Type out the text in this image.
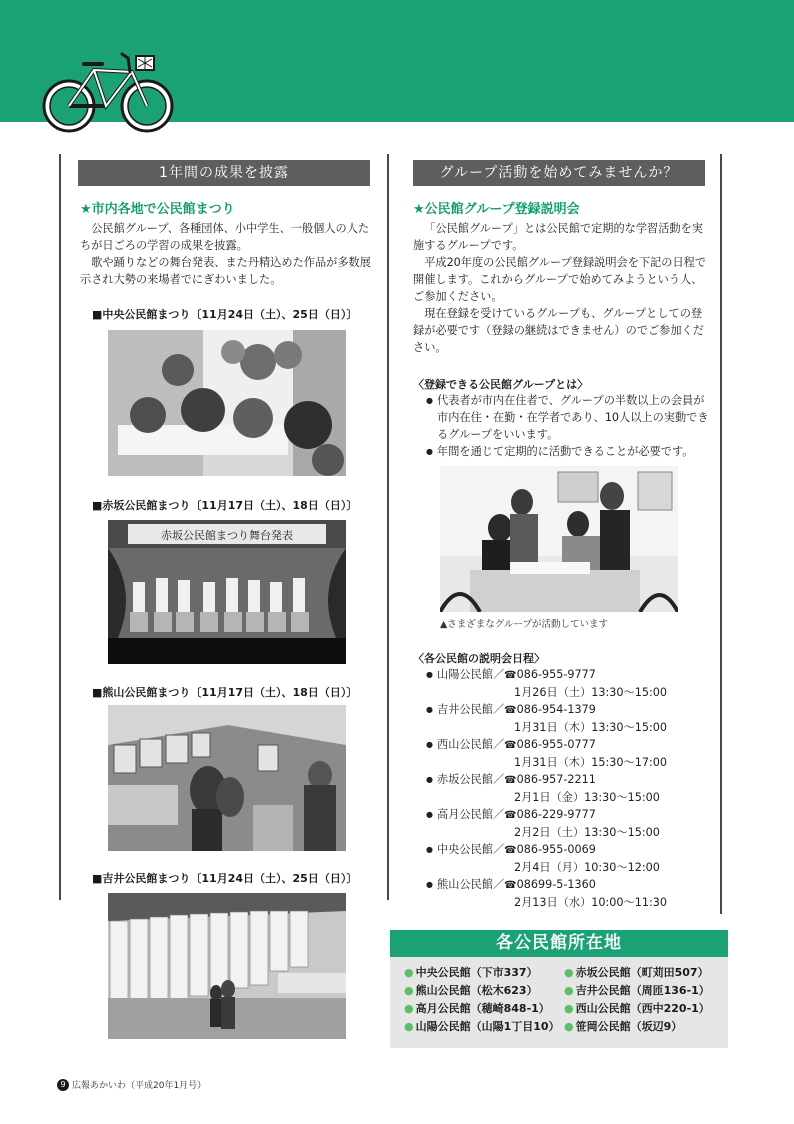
1年間の成果を披露
★市内各地で公民館まつり

公民館グループ、各種団体、小中学生、一般個人の人たちが日ごろの学習の成果を披露。

歌や踊りなどの舞台発表、また丹精込めた作品が多数展示され大勢の来場者でにぎわいました。

■中央公民館まつり〔11月24日（土）、25日（日）〕
■赤坂公民館まつり〔11月17日（土）、18日（日）〕
赤坂公民館まつり舞台発表
■熊山公民館まつり〔11月17日（土）、18日（日）〕
■吉井公民館まつり〔11月24日（土）、25日（日）〕
グループ活動を始めてみませんか？
★公民館グループ登録説明会

「公民館グループ」とは公民館で定期的な学習活動を実施するグループです。

平成20年度の公民館グループ登録説明会を下記の日程で開催します。これからグループで始めてみようという人、ご参加ください。

現在登録を受けているグループも、グループとしての登録が必要です（登録の継続はできません）のでご参加ください。

〈登録できる公民館グループとは〉
● 代表者が市内在住者で、グループの半数以上の会員が市内在住・在勤・在学者であり、10人以上の実動できるグループをいいます。
● 年間を通じて定期的に活動できることが必要です。
▲さまざまなグループが活動しています
〈各公民館の説明会日程〉
● 山陽公民館／☎086-955-9777
1月26日（土）13:30～15:00
● 吉井公民館／☎086-954-1379
1月31日（木）13:30～15:00
● 西山公民館／☎086-955-0777
1月31日（木）15:30～17:00
● 赤坂公民館／☎086-957-2211
2月1日（金）13:30～15:00
● 高月公民館／☎086-229-9777
2月2日（土）13:30～15:00
● 中央公民館／☎086-955-0069
2月4日（月）10:30～12:00
● 熊山公民館／☎08699-5-1360
2月13日（水）10:00～11:30
各公民館所在地
● 中央公民館（下市337）	● 赤坂公民館（町苅田507）
● 熊山公民館（松木623）	● 吉井公民館（周匝136-1）
● 高月公民館（穂崎848-1）	● 西山公民館（西中220-1）
● 山陽公民館（山陽1丁目10） ● 笹岡公民館（坂辺9）
9 広報あかいわ（平成20年1月号）
